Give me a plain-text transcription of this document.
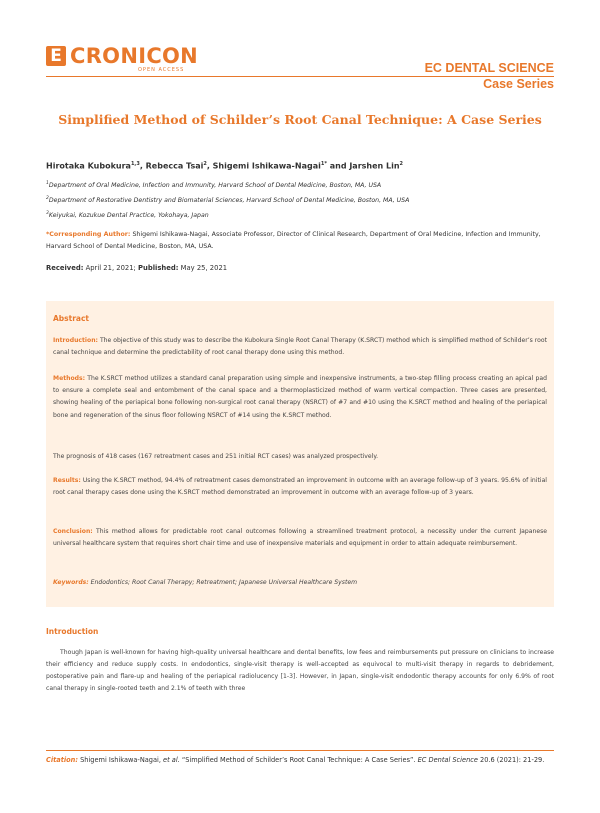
E CRONICON
OPEN ACCESS	EC DENTAL SCIENCE
Case Series
Simplified Method of Schilder’s Root Canal Technique: A Case Series
Hirotaka Kubokura$^{1,3}$, Rebecca Tsai$^2$, Shigemi Ishikawa-Nagai$^{1*}$ and Jarshen Lin$^2$
$^1$Department of Oral Medicine, Infection and Immunity, Harvard School of Dental Medicine, Boston, MA, USA
$^2$Department of Restorative Dentistry and Biomaterial Sciences, Harvard School of Dental Medicine, Boston, MA, USA
$^3$Keiyukai, Kozukue Dental Practice, Yokohaya, Japan
*Corresponding Author: Shigemi Ishikawa-Nagai, Associate Professor, Director of Clinical Research, Department of Oral Medicine, Infection and Immunity, Harvard School of Dental Medicine, Boston, MA, USA.
Received: April 21, 2021; Published: May 25, 2021
Abstract
Introduction: The objective of this study was to describe the Kubokura Single Root Canal Therapy (K.SRCT) method which is simplified method of Schilder’s root canal technique and determine the predictability of root canal therapy done using this method.
Methods: The K.SRCT method utilizes a standard canal preparation using simple and inexpensive instruments, a two-step filling process creating an apical pad to ensure a complete seal and entombment of the canal space and a thermoplasticized method of warm vertical compaction. Three cases are presented, showing healing of the periapical bone following non-surgical root canal therapy (NSRCT) of #7 and #10 using the K.SRCT method and healing of the periapical bone and regeneration of the sinus floor following NSRCT of #14 using the K.SRCT method.
The prognosis of 418 cases (167 retreatment cases and 251 initial RCT cases) was analyzed prospectively.
Results: Using the K.SRCT method, 94.4% of retreatment cases demonstrated an improvement in outcome with an average follow-up of 3 years. 95.6% of initial root canal therapy cases done using the K.SRCT method demonstrated an improvement in outcome with an average follow-up of 3 years.
Conclusion: This method allows for predictable root canal outcomes following a streamlined treatment protocol, a necessity under the current Japanese universal healthcare system that requires short chair time and use of inexpensive materials and equipment in order to attain adequate reimbursement.
Keywords: Endodontics; Root Canal Therapy; Retreatment; Japanese Universal Healthcare System
Introduction
Though Japan is well-known for having high-quality universal healthcare and dental benefits, low fees and reimbursements put pressure on clinicians to increase their efficiency and reduce supply costs. In endodontics, single-visit therapy is well-accepted as equivocal to multi-visit therapy in regards to debridement, postoperative pain and flare-up and healing of the periapical radiolucency [1-3]. However, in Japan, single-visit endodontic therapy accounts for only 6.9% of root canal therapy in single-rooted teeth and 2.1% of teeth with three
Citation: Shigemi Ishikawa-Nagai, et al. “Simplified Method of Schilder’s Root Canal Technique: A Case Series”. EC Dental Science 20.6 (2021): 21-29.
